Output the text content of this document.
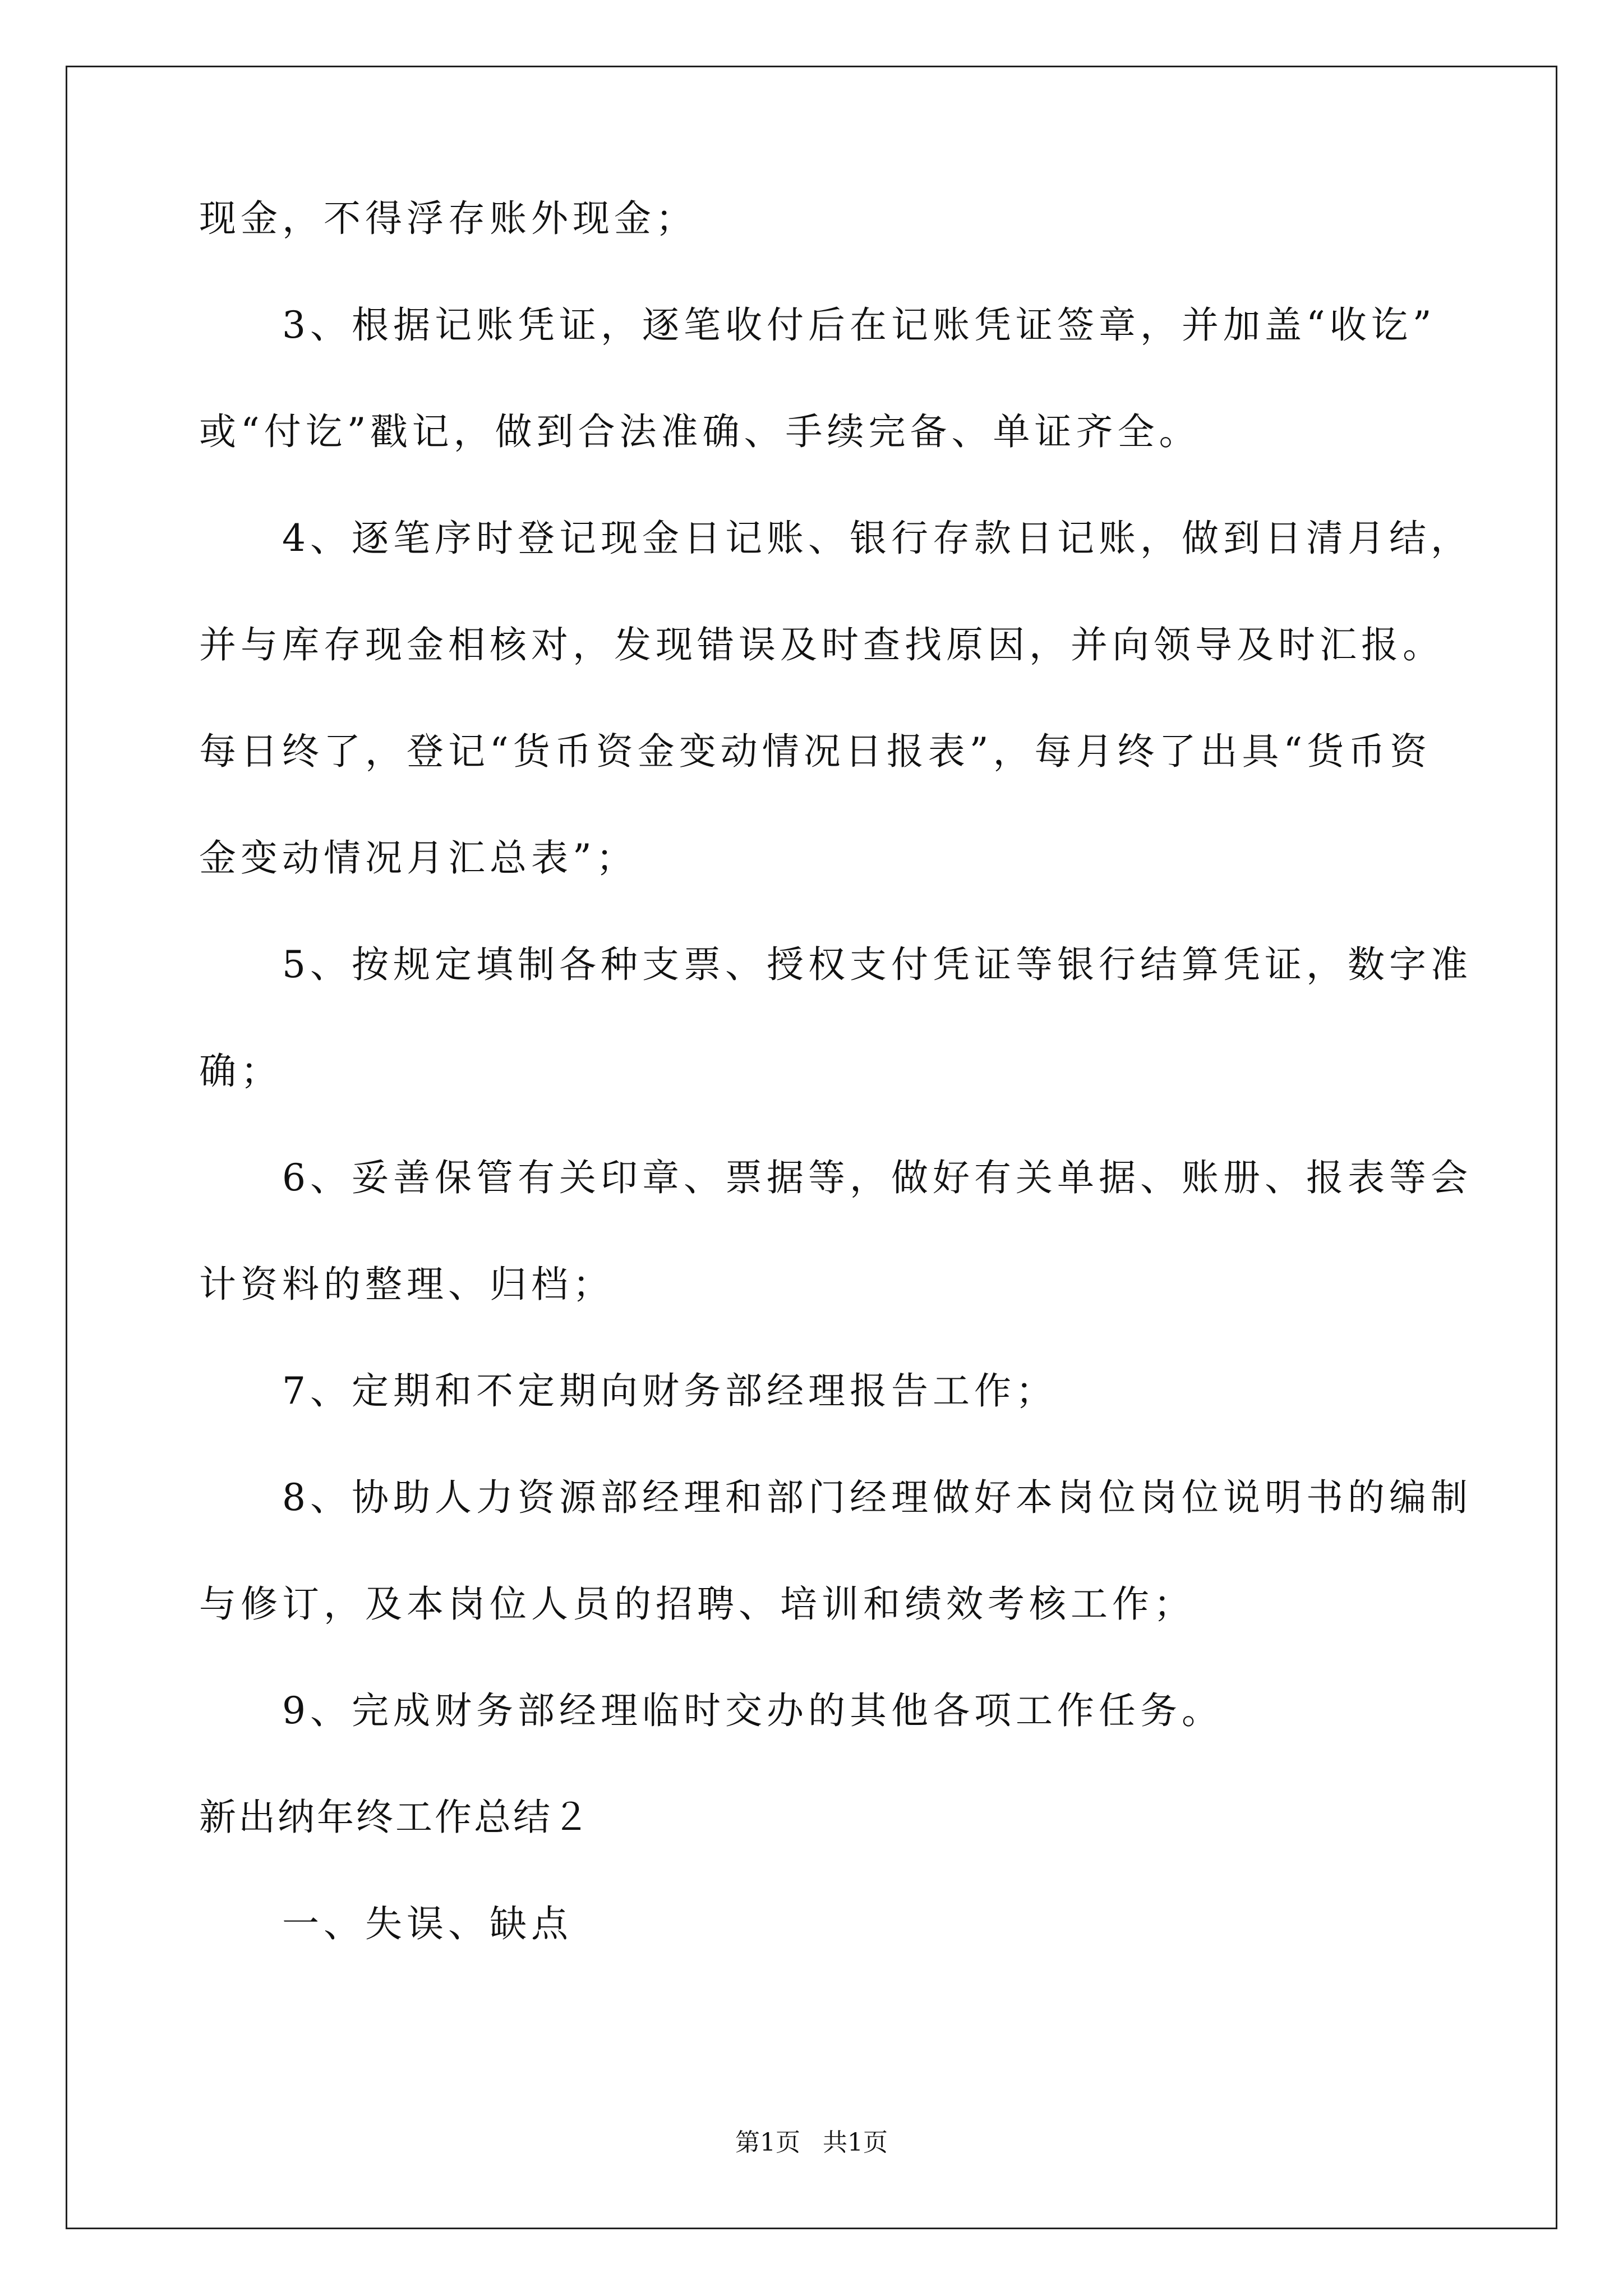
现金，不得浮存账外现金；
3、根据记账凭证，逐笔收付后在记账凭证签章，并加盖“收讫”
或“付讫”戳记，做到合法准确、手续完备、单证齐全。
4、逐笔序时登记现金日记账、银行存款日记账，做到日清月结，
并与库存现金相核对，发现错误及时查找原因，并向领导及时汇报。
每日终了，登记“货币资金变动情况日报表”，每月终了出具“货币资
金变动情况月汇总表”；
5、按规定填制各种支票、授权支付凭证等银行结算凭证，数字准
确；
6、妥善保管有关印章、票据等，做好有关单据、账册、报表等会
计资料的整理、归档；
7、定期和不定期向财务部经理报告工作；
8、协助人力资源部经理和部门经理做好本岗位岗位说明书的编制
与修订，及本岗位人员的招聘、培训和绩效考核工作；
9、完成财务部经理临时交办的其他各项工作任务。
新出纳年终工作总结２
一、失误、缺点
第1页 共1页
